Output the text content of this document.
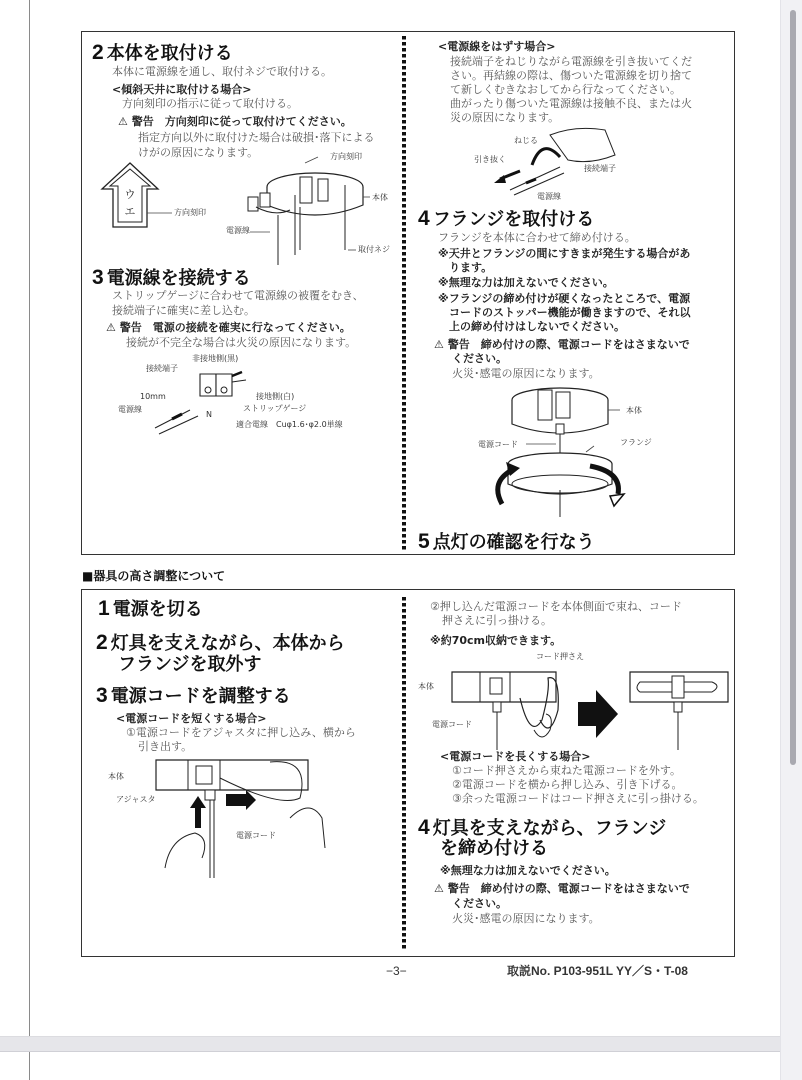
2 本体を取付ける
本体に電源線を通し、取付ネジで取付ける。
<傾斜天井に取付ける場合>
方向刻印の指示に従って取付ける。
⚠ 警告　方向刻印に従って取付けてください。
指定方向以外に取付けた場合は破損･落下による
けがの原因になります。
ウ
エ	方向刻印
方向刻印
本体
電源線
取付ネジ
3 電源線を接続する
ストリップゲージに合わせて電源線の被覆をむき、
接続端子に確実に差し込む。
⚠ 警告　電源の接続を確実に行なってください。
接続が不完全な場合は火災の原因になります。
非接地側(黒)
接続端子
10mm
電源線
接地側(白)
ストリップゲージ
N
適合電線　Cuφ1.6･φ2.0単線
<電源線をはずす場合>
接続端子をねじりながら電源線を引き抜いてくだ
さい。再結線の際は、傷ついた電源線を切り捨て
て新しくむきなおしてから行なってください。
曲がったり傷ついた電源線は接触不良、または火
災の原因になります。
ねじる
引き抜く
接続端子
電源線
4 フランジを取付ける
フランジを本体に合わせて締め付ける。
※天井とフランジの間にすきまが発生する場合があ
　ります。
※無理な力は加えないでください。
※フランジの締め付けが硬くなったところで、電源
　コードのストッパー機能が働きますので、それ以
　上の締め付けはしないでください。
⚠ 警告　締め付けの際、電源コードをはさまないで
ください。
火災･感電の原因になります。
本体
電源コード	フランジ
5 点灯の確認を行なう
■器具の高さ調整について
1 電源を切る
2 灯具を支えながら、本体から
フランジを取外す
3 電源コードを調整する
<電源コードを短くする場合>
①電源コードをアジャスタに押し込み、横から
引き出す。
本体
アジャスタ
電源コード
②押し込んだ電源コードを本体側面で束ね、コード
押さえに引っ掛ける。
※約70cm収納できます。
コード押さえ
本体
電源コード
<電源コードを長くする場合>
①コード押さえから束ねた電源コードを外す。
②電源コードを横から押し込み、引き下げる。
③余った電源コードはコード押さえに引っ掛ける。
4 灯具を支えながら、フランジ
を締め付ける
※無理な力は加えないでください。
⚠ 警告　締め付けの際、電源コードをはさまないで
ください。
火災･感電の原因になります。
−3−	取説No. P103-951L YY／S・T-08
